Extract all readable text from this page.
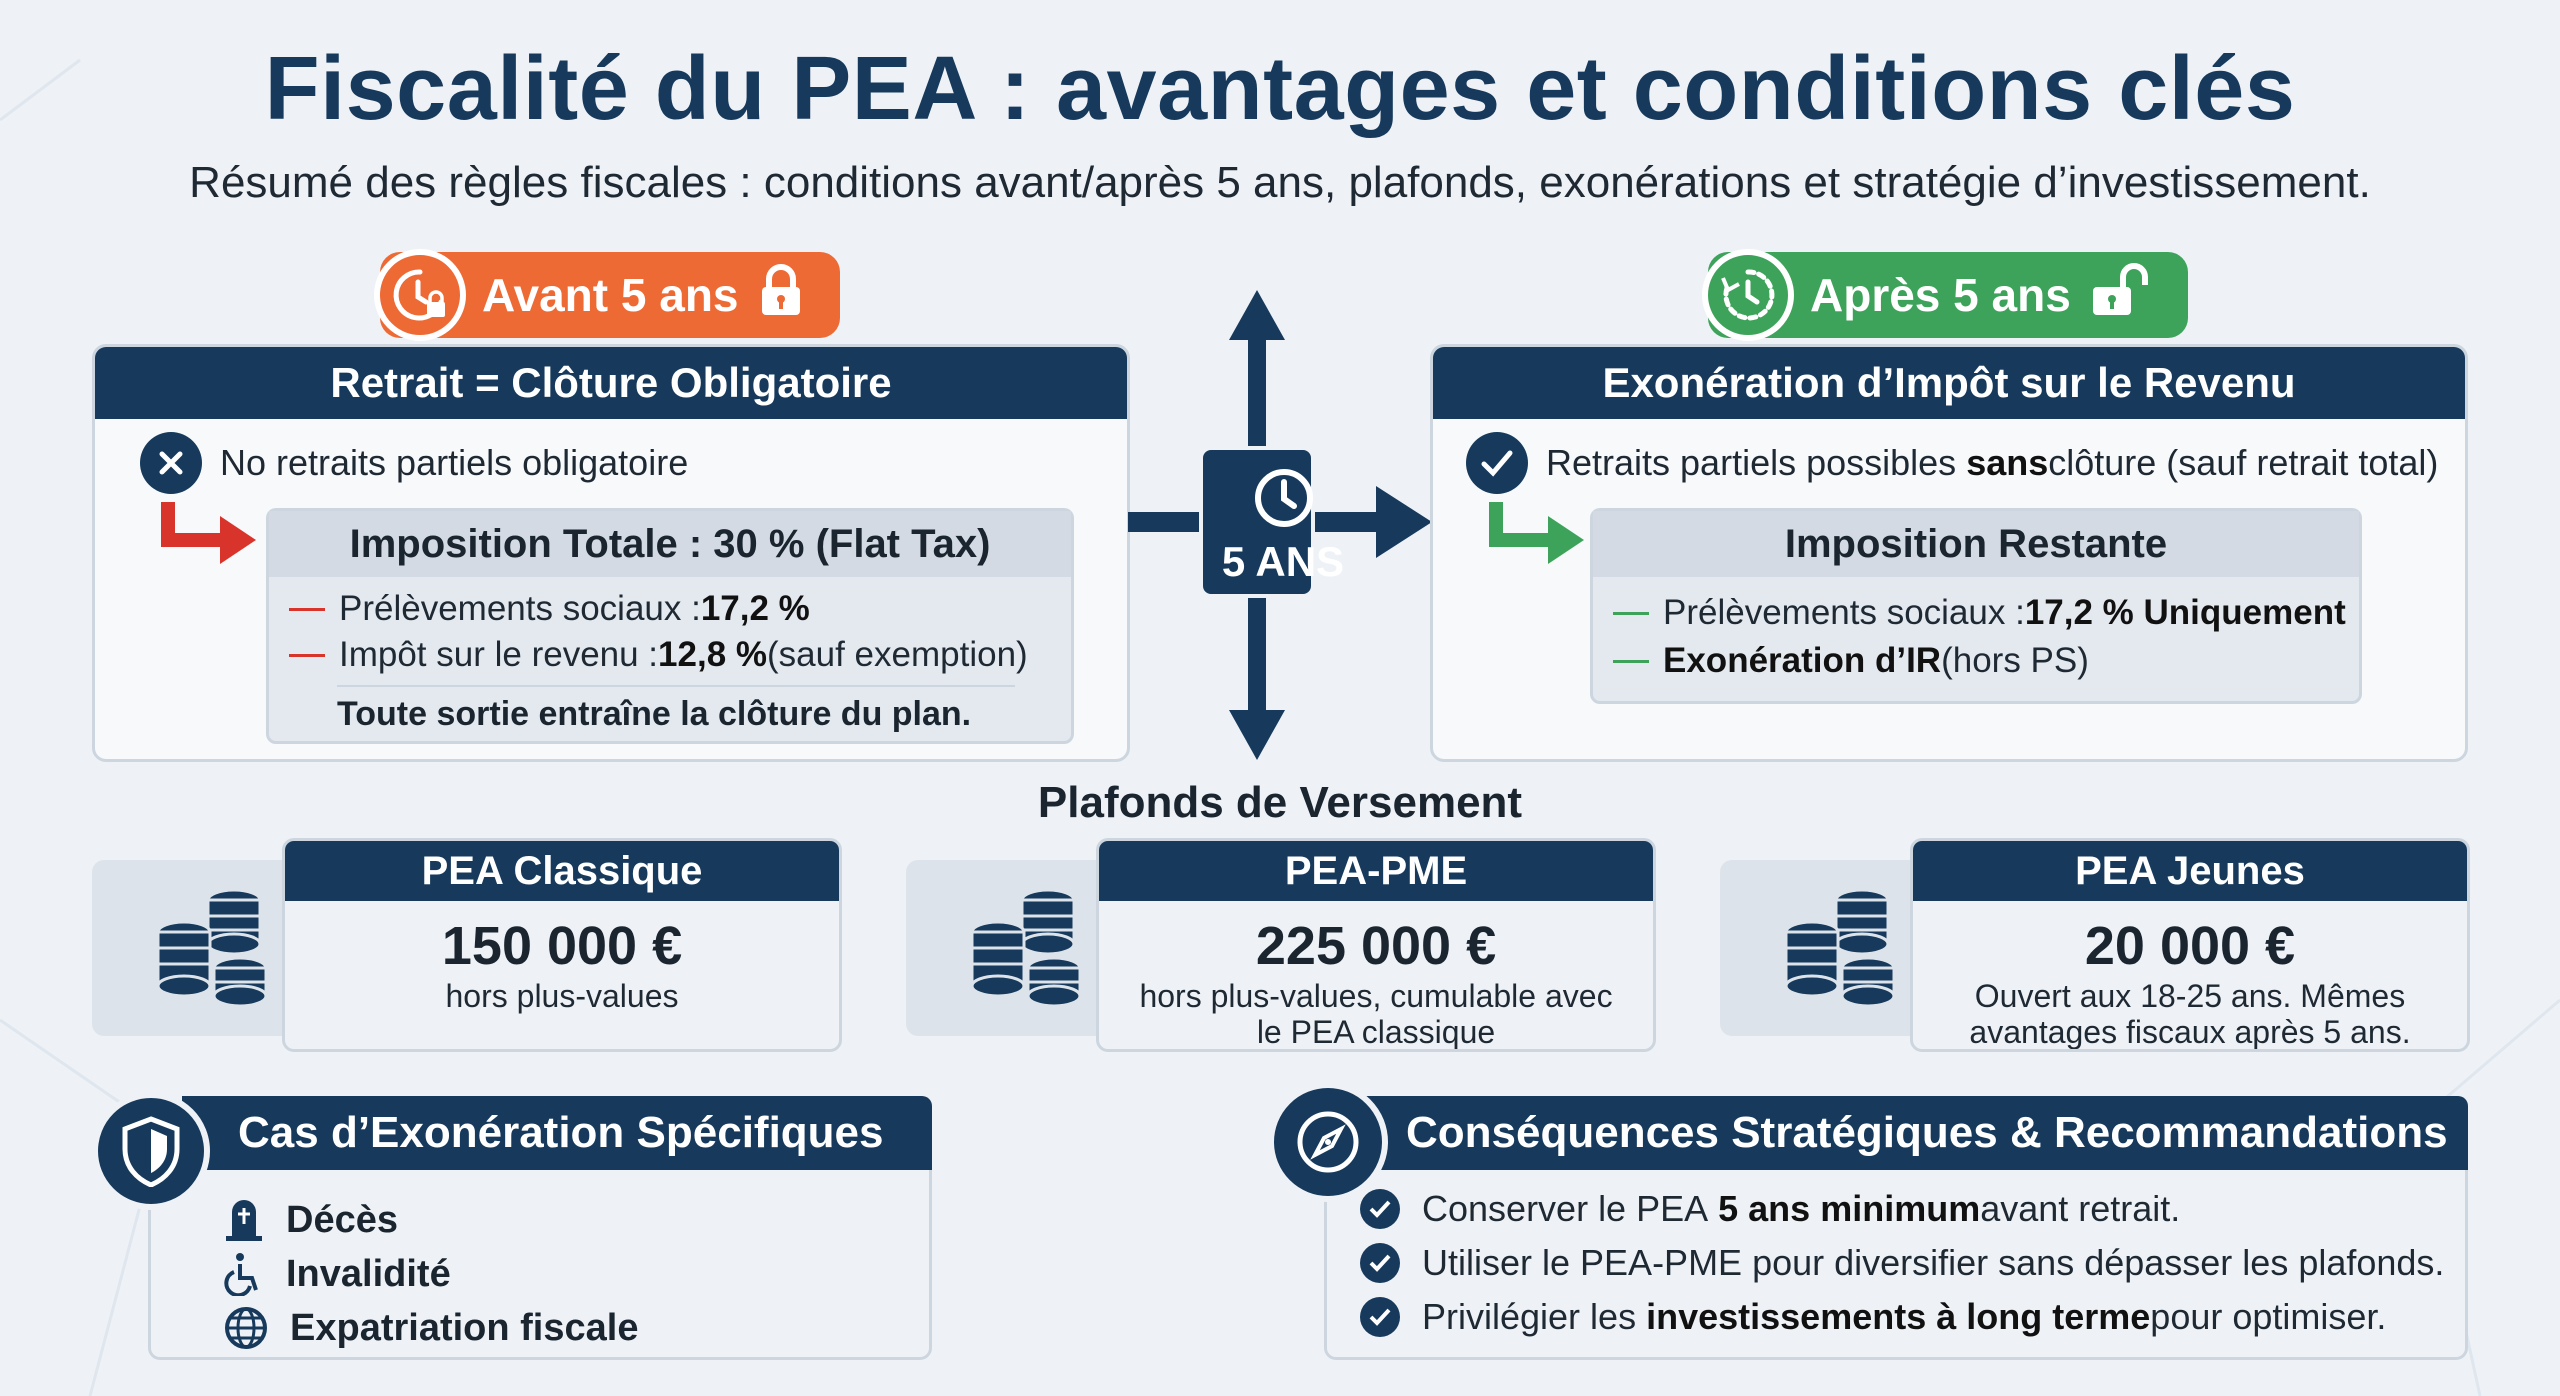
Fiscalité du PEA : avantages et conditions clés
Résumé des règles fiscales : conditions avant/après 5 ans, plafonds, exonérations et stratégie d’investissement.
Avant 5 ans	Après 5 ans
Retrait = Clôture Obligatoire
No retraits partiels obligatoire
Imposition Totale : 30 % (Flat Tax)
Prélèvements sociaux : 17,2 %
Impôt sur le revenu : 12,8 % (sauf exemption)
Toute sortie entraîne la clôture du plan.
5 ANS
Exonération d’Impôt sur le Revenu
Retraits partiels possibles
sans clôture (sauf retrait total)
Imposition Restante
Prélèvements sociaux : 17,2 % Uniquement
Exonération d’IR (hors PS)
Plafonds de Versement
PEA Classique
150 000 €
hors plus-values
PEA-PME
225 000 €
hors plus-values, cumulable avec
le PEA classique
PEA Jeunes
20 000 €
Ouvert aux 18-25 ans. Mêmes
avantages fiscaux après 5 ans.
Cas d’Exonération Spécifiques
Décès
Invalidité
Expatriation fiscale
Conséquences Stratégiques & Recommandations
Conserver le PEA
5 ans minimum avant retrait.
Utiliser le PEA-PME pour diversifier sans dépasser les plafonds.
Privilégier les
investissements à long terme pour optimiser.
